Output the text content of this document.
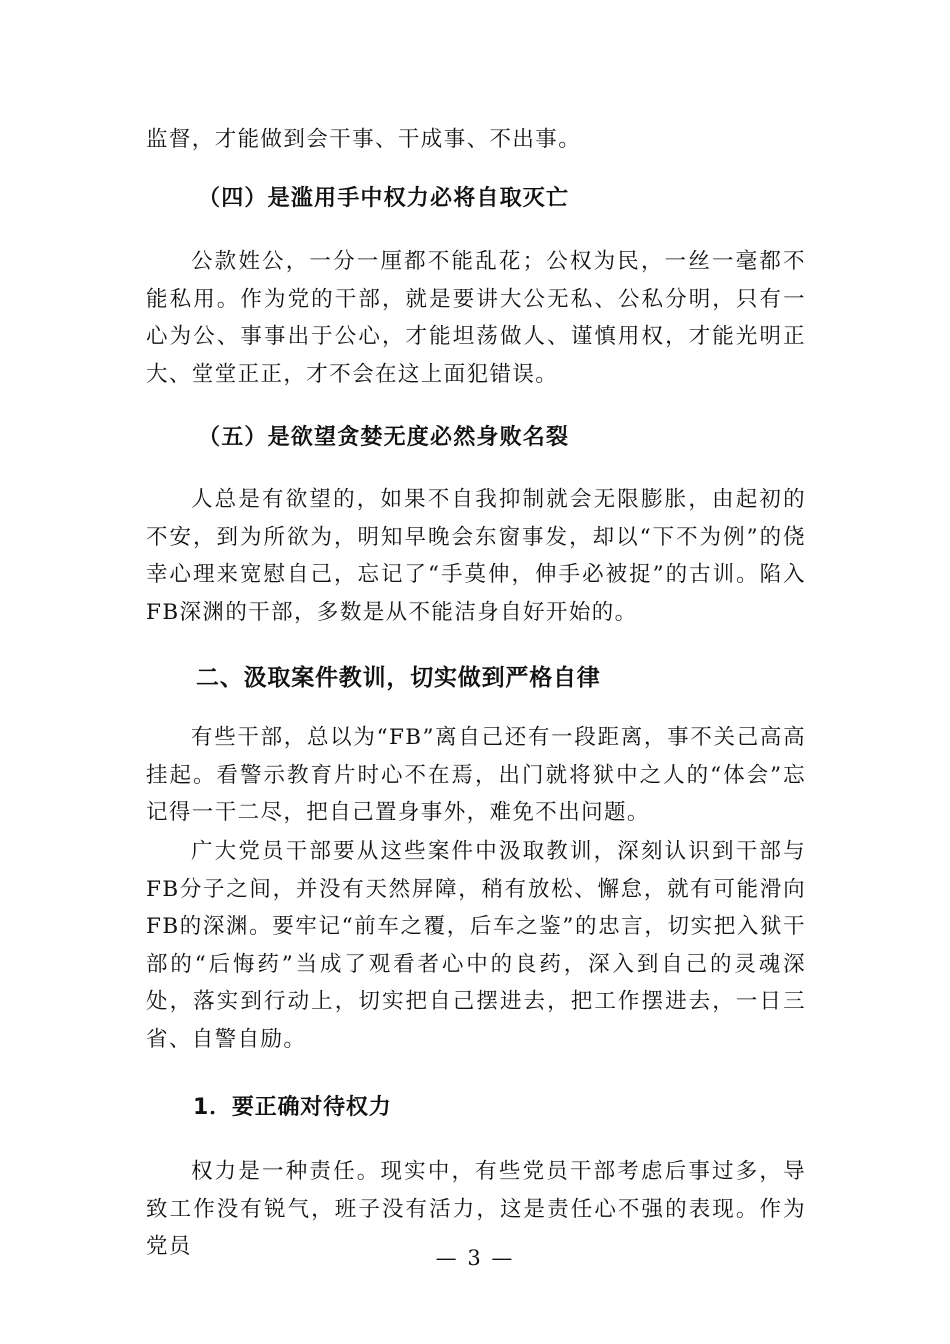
监督，才能做到会干事、干成事、不出事。

（四）是滥用手中权力必将自取灭亡

公款姓公，一分一厘都不能乱花；公权为民，一丝一毫都不能私用。作为党的干部，就是要讲大公无私、公私分明，只有一心为公、事事出于公心，才能坦荡做人、谨慎用权，才能光明正大、堂堂正正，才不会在这上面犯错误。

（五）是欲望贪婪无度必然身败名裂

人总是有欲望的，如果不自我抑制就会无限膨胀，由起初的不安，到为所欲为，明知早晚会东窗事发，却以“下不为例”的侥幸心理来宽慰自己，忘记了“手莫伸，伸手必被捉”的古训。陷入FB深渊的干部，多数是从不能洁身自好开始的。

二、汲取案件教训，切实做到严格自律

有些干部，总以为“FB”离自己还有一段距离，事不关己高高挂起。看警示教育片时心不在焉，出门就将狱中之人的“体会”忘记得一干二尽，把自己置身事外，难免不出问题。

广大党员干部要从这些案件中汲取教训，深刻认识到干部与FB分子之间，并没有天然屏障，稍有放松、懈怠，就有可能滑向FB的深渊。要牢记“前车之覆，后车之鉴”的忠言，切实把入狱干部的“后悔药”当成了观看者心中的良药，深入到自己的灵魂深处，落实到行动上，切实把自己摆进去，把工作摆进去，一日三省、自警自励。

1．要正确对待权力

权力是一种责任。现实中，有些党员干部考虑后事过多，导致工作没有锐气，班子没有活力，这是责任心不强的表现。作为党员	— 3 —
